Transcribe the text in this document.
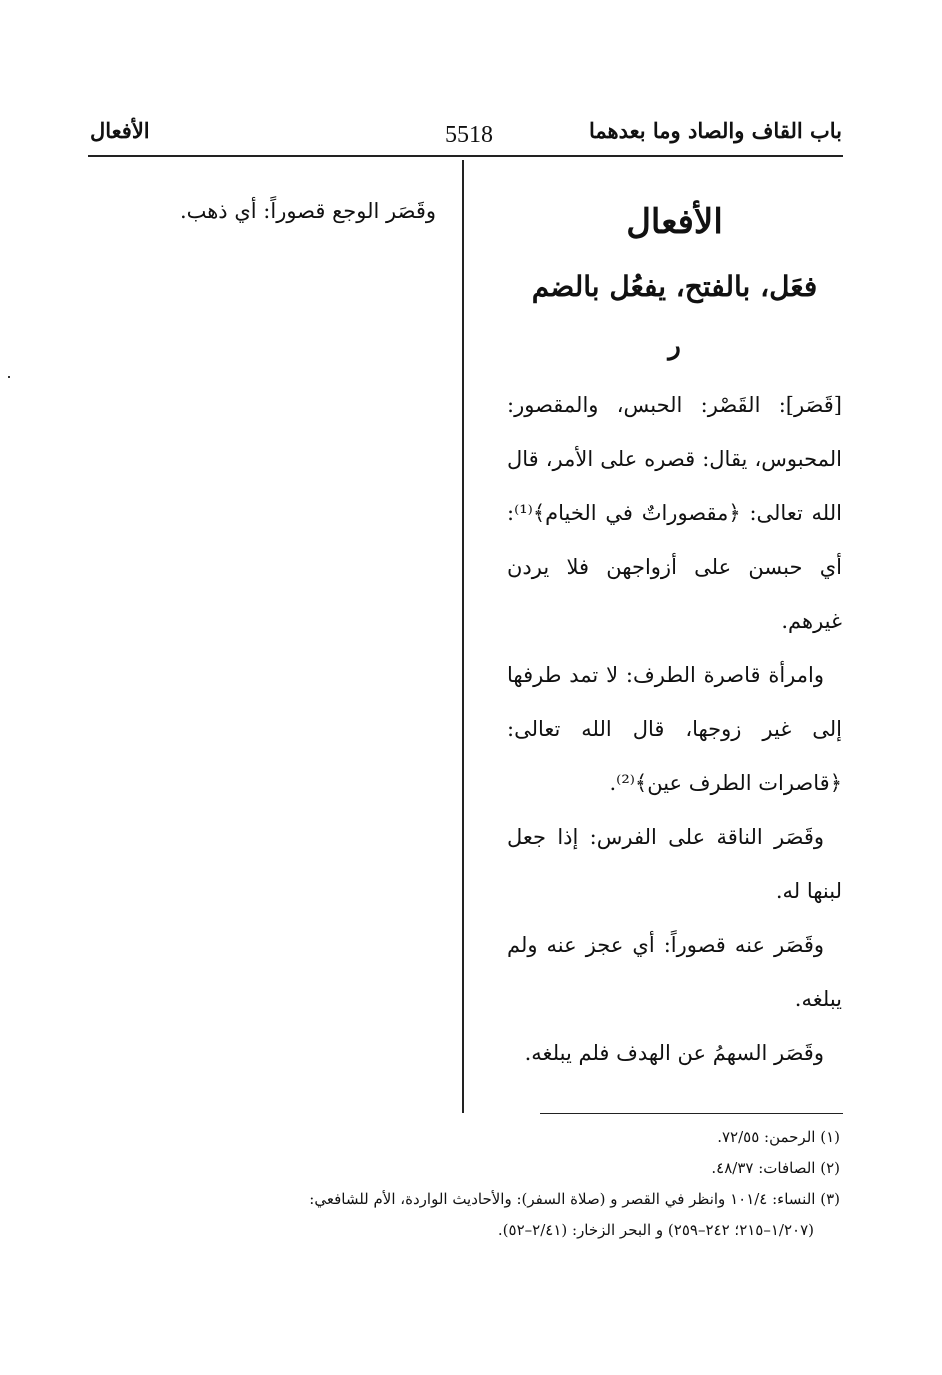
باب القاف والصاد وما بعدهما
5518
الأفعال

الأفعال

فعَل، بالفتح، يفعُل بالضم

ر

[قَصَر]: القَصْر: الحبس، والمقصور: المحبوس، يقال: قصره على الأمر، قال الله تعالى: ﴿مقصوراتٌ في الخيام﴾⁽¹⁾: أي حبسن على أزواجهن فلا يردن غيرهم.

وامرأة قاصرة الطرف: لا تمد طرفها إلى غير زوجها، قال الله تعالى: ﴿قاصرات الطرف عين﴾⁽²⁾.

وقَصَر الناقة على الفرس: إذا جعل لبنها له.

وقَصَر عنه قصوراً: أي عجز عنه ولم يبلغه.

وقَصَر السهمُ عن الهدف فلم يبلغه.

وقَصَر الوجع قصوراً: أي ذهب.

(١) الرحمن: ٧٢/٥٥.

(٢) الصافات: ٤٨/٣٧.

(٣) النساء: ١٠١/٤ وانظر في القصر و (صلاة السفر): والأحاديث الواردة، الأم للشافعي:

(١/٢٠٧–٢١٥؛ ٢٤٢–٢٥٩) و البحر الزخار: (٢/٤١–٥٢).
